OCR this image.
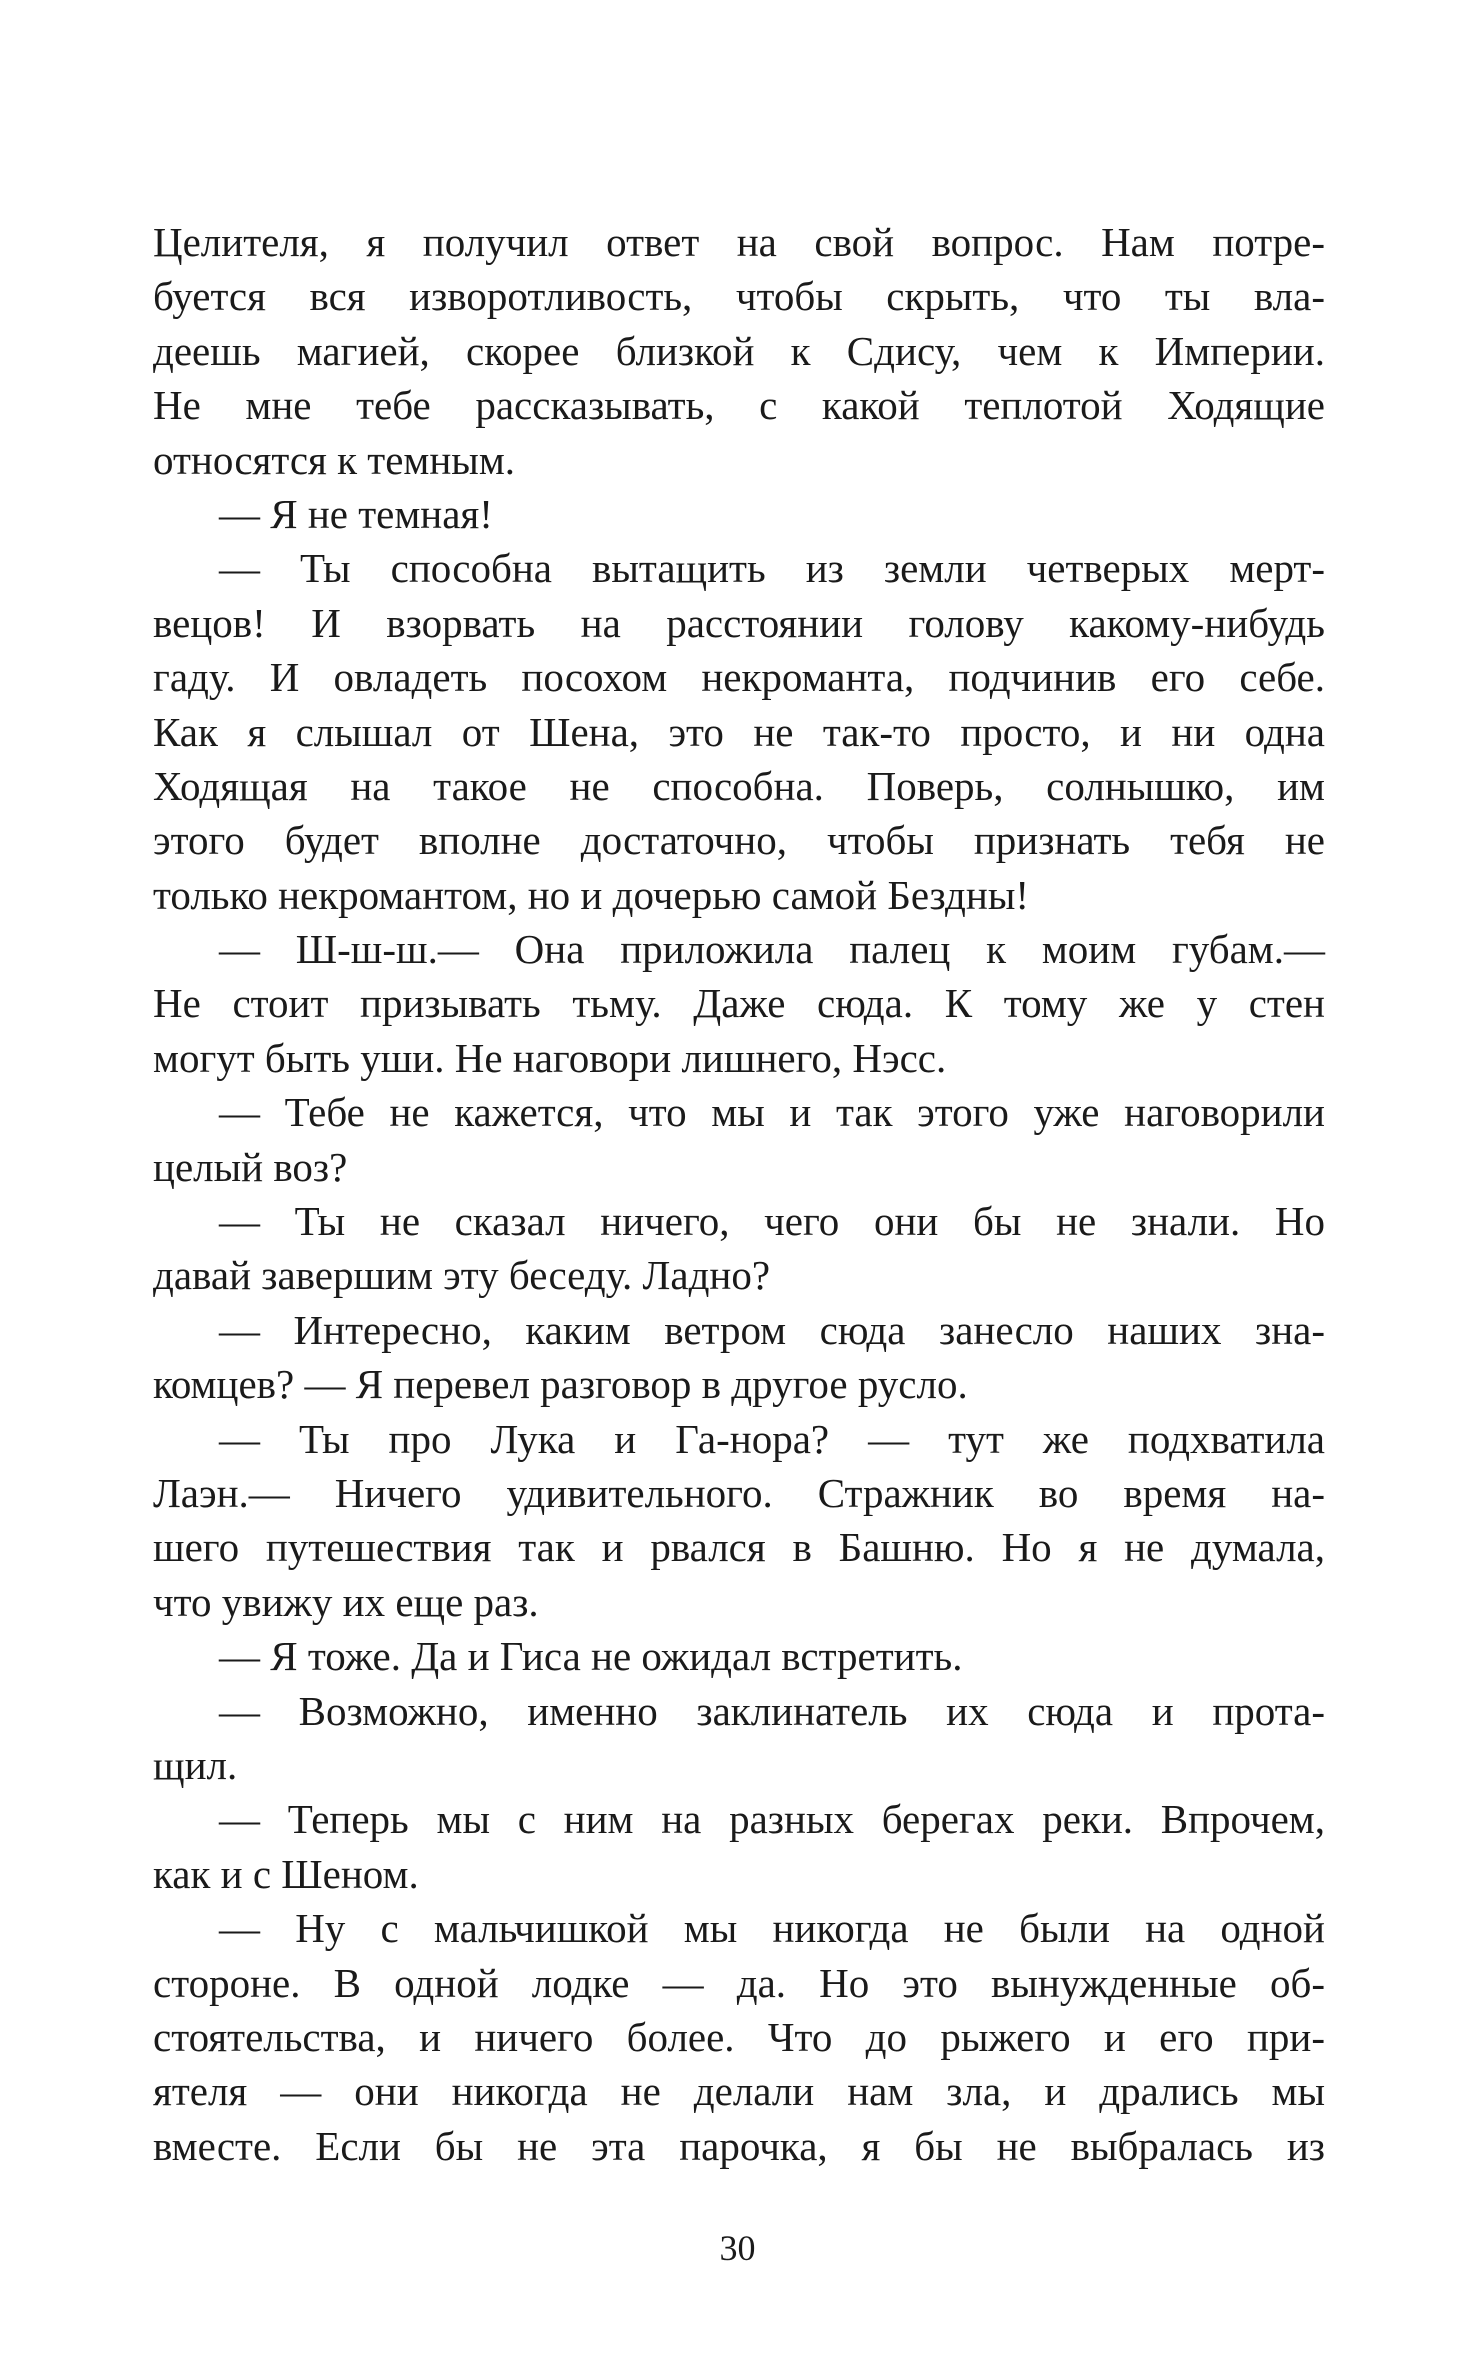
Целителя, я получил ответ на свой вопрос. Нам потре-
буется вся изворотливость, чтобы скрыть, что ты вла-
деешь магией, скорее близкой к Сдису, чем к Империи.
Не мне тебе рассказывать, с какой теплотой Ходящие
относятся к темным.
— Я не темная!
— Ты способна вытащить из земли четверых мерт-
вецов! И взорвать на расстоянии голову какому-нибудь
гаду. И овладеть посохом некроманта, подчинив его себе.
Как я слышал от Шена, это не так-то просто, и ни одна
Ходящая на такое не способна. Поверь, солнышко, им
этого будет вполне достаточно, чтобы признать тебя не
только некромантом, но и дочерью самой Бездны!
— Ш-ш-ш.— Она приложила палец к моим губам.—
Не стоит призывать тьму. Даже сюда. К тому же у стен
могут быть уши. Не наговори лишнего, Нэсс.
— Тебе не кажется, что мы и так этого уже наговорили
целый воз?
— Ты не сказал ничего, чего они бы не знали. Но
давай завершим эту беседу. Ладно?
— Интересно, каким ветром сюда занесло наших зна-
комцев? — Я перевел разговор в другое русло.
— Ты про Лука и Га-нора? — тут же подхватила
Лаэн.— Ничего удивительного. Стражник во время на-
шего путешествия так и рвался в Башню. Но я не думала,
что увижу их еще раз.
— Я тоже. Да и Гиса не ожидал встретить.
— Возможно, именно заклинатель их сюда и прота-
щил.
— Теперь мы с ним на разных берегах реки. Впрочем,
как и с Шеном.
— Ну с мальчишкой мы никогда не были на одной
стороне. В одной лодке — да. Но это вынужденные об-
стоятельства, и ничего более. Что до рыжего и его при-
ятеля — они никогда не делали нам зла, и дрались мы
вместе. Если бы не эта парочка, я бы не выбралась из
30
